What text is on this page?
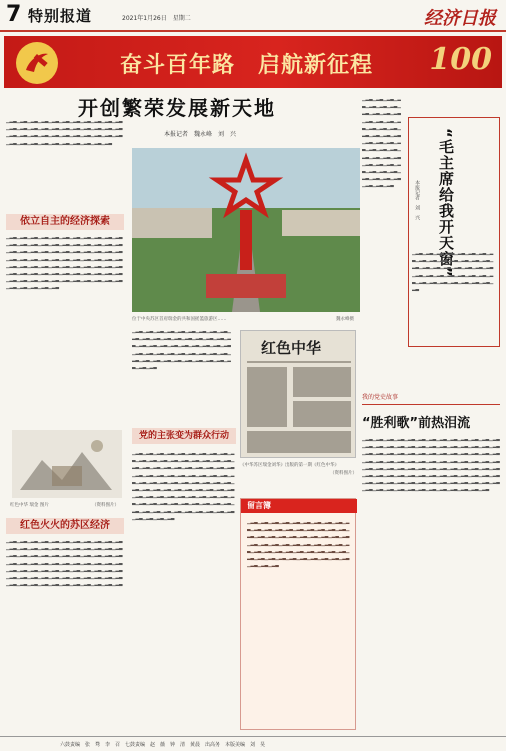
7 特别报道	2021年1月26日　星期二	经济日报
奋斗百年路　启航新征程 100
开创繁荣发展新天地
本报记者　魏永峰　刘　兴
▁▂▃▁▂▃▁▂▃▁▂▃▁▂▃▁▂▃▁▂▃▁▂▃▁▂▃▁▂▃▁▂▃▁▂▃▁▂▃▁▂▃▁▂▃▁▂▃▁▂▃▁▂▃▁▂▃▁▂▃▁▂▃▁▂▃▁▂▃▁▂▃▁▂▃▁▂▃▁▂▃▁▂▃▁▂▃▁▂▃▁▂▃▁▂▃▁▂▃▁▂▃▁▂▃▁▂▃▁▂▃▁▂▃▁▂▃▁▂▃▁▂▃▁▂▃▁▂▃
依立自主的经济探索
▁▂▃▁▂▃▁▂▃▁▂▃▁▂▃▁▂▃▁▂▃▁▂▃▁▂▃▁▂▃▁▂▃▁▂▃▁▂▃▁▂▃▁▂▃▁▂▃▁▂▃▁▂▃▁▂▃▁▂▃▁▂▃▁▂▃▁▂▃▁▂▃▁▂▃▁▂▃▁▂▃▁▂▃▁▂▃▁▂▃▁▂▃▁▂▃▁▂▃▁▂▃▁▂▃▁▂▃▁▂▃▁▂▃▁▂▃▁▂▃▁▂▃▁▂▃▁▂▃▁▂▃▁▂▃▁▂▃▁▂▃▁▂▃▁▂▃▁▂▃▁▂▃▁▂▃▁▂▃▁▂▃▁▂▃▁▂▃▁▂▃▁▂▃▁▂▃▁▂▃▁▂▃▁▂▃▁▂▃▁▂▃▁▂▃▁▂▃▁▂▃▁▂▃▁▂▃▁▂▃▁▂▃▁▂▃▁▂▃▁▂▃▁▂▃▁▂▃▁▂▃▁▂▃▁▂▃▁▂▃▁▂▃▁▂▃
红色中华 瑞金 图片	（资料图片）
红色火火的苏区经济
▁▂▃▁▂▃▁▂▃▁▂▃▁▂▃▁▂▃▁▂▃▁▂▃▁▂▃▁▂▃▁▂▃▁▂▃▁▂▃▁▂▃▁▂▃▁▂▃▁▂▃▁▂▃▁▂▃▁▂▃▁▂▃▁▂▃▁▂▃▁▂▃▁▂▃▁▂▃▁▂▃▁▂▃▁▂▃▁▂▃▁▂▃▁▂▃▁▂▃▁▂▃▁▂▃▁▂▃▁▂▃▁▂▃▁▂▃▁▂▃▁▂▃▁▂▃▁▂▃▁▂▃▁▂▃▁▂▃▁▂▃▁▂▃▁▂▃▁▂▃▁▂▃▁▂▃▁▂▃▁▂▃▁▂▃▁▂▃▁▂▃▁▂▃▁▂▃▁▂▃▁▂▃▁▂▃▁▂▃▁▂▃▁▂▃▁▂▃▁▂▃▁▂▃▁▂▃▁▂▃▁▂▃▁▂▃▁▂▃▁▂▃▁▂▃▁▂▃▁▂▃
位于中央苏区首府瑞金的共和国摇篮旅游区……	魏永峰摄
▁▂▃▁▂▃▁▂▃▁▂▃▁▂▃▁▂▃▁▂▃▁▂▃▁▂▃▁▂▃▁▂▃▁▂▃▁▂▃▁▂▃▁▂▃▁▂▃▁▂▃▁▂▃▁▂▃▁▂▃▁▂▃▁▂▃▁▂▃▁▂▃▁▂▃▁▂▃▁▂▃▁▂▃▁▂▃▁▂▃▁▂▃▁▂▃▁▂▃▁▂▃▁▂▃▁▂▃▁▂▃▁▂▃▁▂▃▁▂▃▁▂▃▁▂▃▁▂▃▁▂▃▁▂▃▁▂▃▁▂▃▁▂▃▁▂▃
党的主张变为群众行动
▁▂▃▁▂▃▁▂▃▁▂▃▁▂▃▁▂▃▁▂▃▁▂▃▁▂▃▁▂▃▁▂▃▁▂▃▁▂▃▁▂▃▁▂▃▁▂▃▁▂▃▁▂▃▁▂▃▁▂▃▁▂▃▁▂▃▁▂▃▁▂▃▁▂▃▁▂▃▁▂▃▁▂▃▁▂▃▁▂▃▁▂▃▁▂▃▁▂▃▁▂▃▁▂▃▁▂▃▁▂▃▁▂▃▁▂▃▁▂▃▁▂▃▁▂▃▁▂▃▁▂▃▁▂▃▁▂▃▁▂▃▁▂▃▁▂▃▁▂▃▁▂▃▁▂▃▁▂▃▁▂▃▁▂▃▁▂▃▁▂▃▁▂▃▁▂▃▁▂▃▁▂▃▁▂▃▁▂▃▁▂▃▁▂▃▁▂▃▁▂▃▁▂▃▁▂▃▁▂▃▁▂▃▁▂▃▁▂▃▁▂▃▁▂▃▁▂▃▁▂▃▁▂▃▁▂▃▁▂▃▁▂▃▁▂▃▁▂▃▁▂▃▁▂▃▁▂▃▁▂▃▁▂▃▁▂▃▁▂▃▁▂▃
红色中华
《中华苏区瑞金刘华》出版的第一期《红色中华》
（资料图片）
留言簿
▁▂▃▁▂▃▁▂▃▁▂▃▁▂▃▁▂▃▁▂▃▁▂▃▁▂▃▁▂▃▁▂▃▁▂▃▁▂▃▁▂▃▁▂▃▁▂▃▁▂▃▁▂▃▁▂▃▁▂▃▁▂▃▁▂▃▁▂▃▁▂▃▁▂▃▁▂▃▁▂▃▁▂▃▁▂▃▁▂▃▁▂▃▁▂▃▁▂▃▁▂▃▁▂▃▁▂▃▁▂▃▁▂▃▁▂▃▁▂▃▁▂▃▁▂▃▁▂▃▁▂▃▁▂▃▁▂▃▁▂▃▁▂▃▁▂▃▁▂▃▁▂▃▁▂▃▁▂▃▁▂▃▁▂▃▁▂▃▁▂▃▁▂▃▁▂▃▁▂▃▁▂▃
▁▂▃▁▂▃▁▂▃▁▂▃▁▂▃▁▂▃▁▂▃▁▂▃▁▂▃▁▂▃▁▂▃▁▂▃▁▂▃▁▂▃▁▂▃▁▂▃▁▂▃▁▂▃▁▂▃▁▂▃▁▂▃▁▂▃▁▂▃▁▂▃▁▂▃▁▂▃▁▂▃▁▂▃▁▂▃▁▂▃▁▂▃▁▂▃▁▂▃▁▂▃▁▂▃▁▂▃▁▂▃▁▂▃▁▂▃▁▂▃▁▂▃▁▂▃▁▂▃▁▂▃▁▂▃▁▂▃▁▂▃	“毛主席给我开天窗”
本报记者　刘　兴
▁▂▃▁▂▃▁▂▃▁▂▃▁▂▃▁▂▃▁▂▃▁▂▃▁▂▃▁▂▃▁▂▃▁▂▃▁▂▃▁▂▃▁▂▃▁▂▃▁▂▃▁▂▃▁▂▃▁▂▃▁▂▃▁▂▃▁▂▃▁▂▃▁▂▃▁▂▃▁▂▃▁▂▃▁▂▃▁▂▃▁▂▃▁▂▃▁▂▃▁▂▃▁▂▃▁▂▃▁▂▃▁▂▃▁▂▃
我的党史故事
“胜利歌”前热泪流
▁▂▃▁▂▃▁▂▃▁▂▃▁▂▃▁▂▃▁▂▃▁▂▃▁▂▃▁▂▃▁▂▃▁▂▃▁▂▃▁▂▃▁▂▃▁▂▃▁▂▃▁▂▃▁▂▃▁▂▃▁▂▃▁▂▃▁▂▃▁▂▃▁▂▃▁▂▃▁▂▃▁▂▃▁▂▃▁▂▃▁▂▃▁▂▃▁▂▃▁▂▃▁▂▃▁▂▃▁▂▃▁▂▃▁▂▃▁▂▃▁▂▃▁▂▃▁▂▃▁▂▃▁▂▃▁▂▃▁▂▃▁▂▃▁▂▃▁▂▃▁▂▃▁▂▃▁▂▃▁▂▃▁▂▃▁▂▃▁▂▃▁▂▃▁▂▃▁▂▃▁▂▃▁▂▃▁▂▃▁▂▃▁▂▃▁▂▃▁▂▃▁▂▃▁▂▃▁▂▃▁▂▃▁▂▃▁▂▃▁▂▃▁▂▃▁▂▃▁▂▃▁▂▃▁▂▃▁▂▃▁▂▃▁▂▃▁▂▃▁▂▃▁▂▃▁▂▃▁▂▃▁▂▃▁▂▃▁▂▃▁▂▃▁▂▃▁▂▃▁▂▃▁▂▃▁▂▃▁▂▃▁▂▃▁▂▃▁▂▃▁▂▃▁▂▃▁▂▃
六鼓责编　张　骛　李　召　七鼓责编　赵　薇　钟　清　黄晨　出高务　本版美编　刘　昊
